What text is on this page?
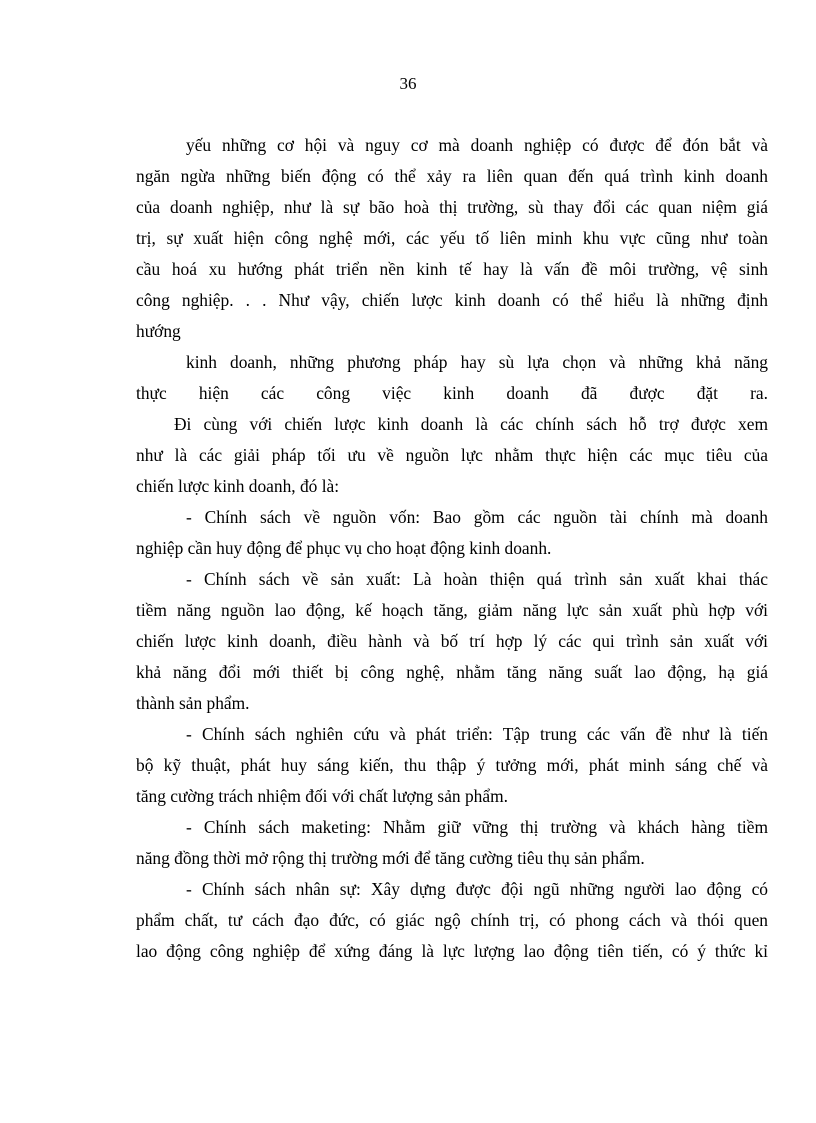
36
yếu những cơ hội và nguy cơ mà doanh nghiệp có được để đón bắt và
ngăn ngừa những biến động có thể xảy ra liên quan đến quá trình kinh doanh
của doanh nghiệp, như là sự bão hoà thị trường, sù thay đổi các quan niệm giá
trị, sự xuất hiện công nghệ mới, các yếu tố liên minh khu vực cũng như toàn
cầu hoá xu hướng phát triển nền kinh tế hay là vấn đề môi trường, vệ sinh
công nghiệp. . . Như vậy, chiến lược kinh doanh có thể hiểu là những định
hướng
kinh doanh, những phương pháp hay sù lựa chọn và những khả năng
thực hiện các công việc kinh doanh đã được đặt ra.
Đi cùng với chiến lược kinh doanh là các chính sách hỗ trợ được xem
như là các giải pháp tối ưu về nguồn lực nhằm thực hiện các mục tiêu của
chiến lược kinh doanh, đó là:
- Chính sách về nguồn vốn: Bao gồm các nguồn tài chính mà doanh
nghiệp cần huy động để phục vụ cho hoạt động kinh doanh.
- Chính sách về sản xuất: Là hoàn thiện quá trình sản xuất khai thác
tiềm năng nguồn lao động, kế hoạch tăng, giảm năng lực sản xuất phù hợp với
chiến lược kinh doanh, điều hành và bố trí hợp lý các qui trình sản xuất với
khả năng đổi mới thiết bị công nghệ, nhằm tăng năng suất lao động, hạ giá
thành sản phẩm.
- Chính sách nghiên cứu và phát triển: Tập trung các vấn đề như là tiến
bộ kỹ thuật, phát huy sáng kiến, thu thập ý tưởng mới, phát minh sáng chế và
tăng cường trách nhiệm đối với chất lượng sản phẩm.
- Chính sách maketing: Nhằm giữ vững thị trường và khách hàng tiềm
năng đồng thời mở rộng thị trường mới để tăng cường tiêu thụ sản phẩm.
- Chính sách nhân sự: Xây dựng được đội ngũ những người lao động có
phẩm chất, tư cách đạo đức, có giác ngộ chính trị, có phong cách và thói quen
lao động công nghiệp để xứng đáng là lực lượng lao động tiên tiến, có ý thức kỉ
